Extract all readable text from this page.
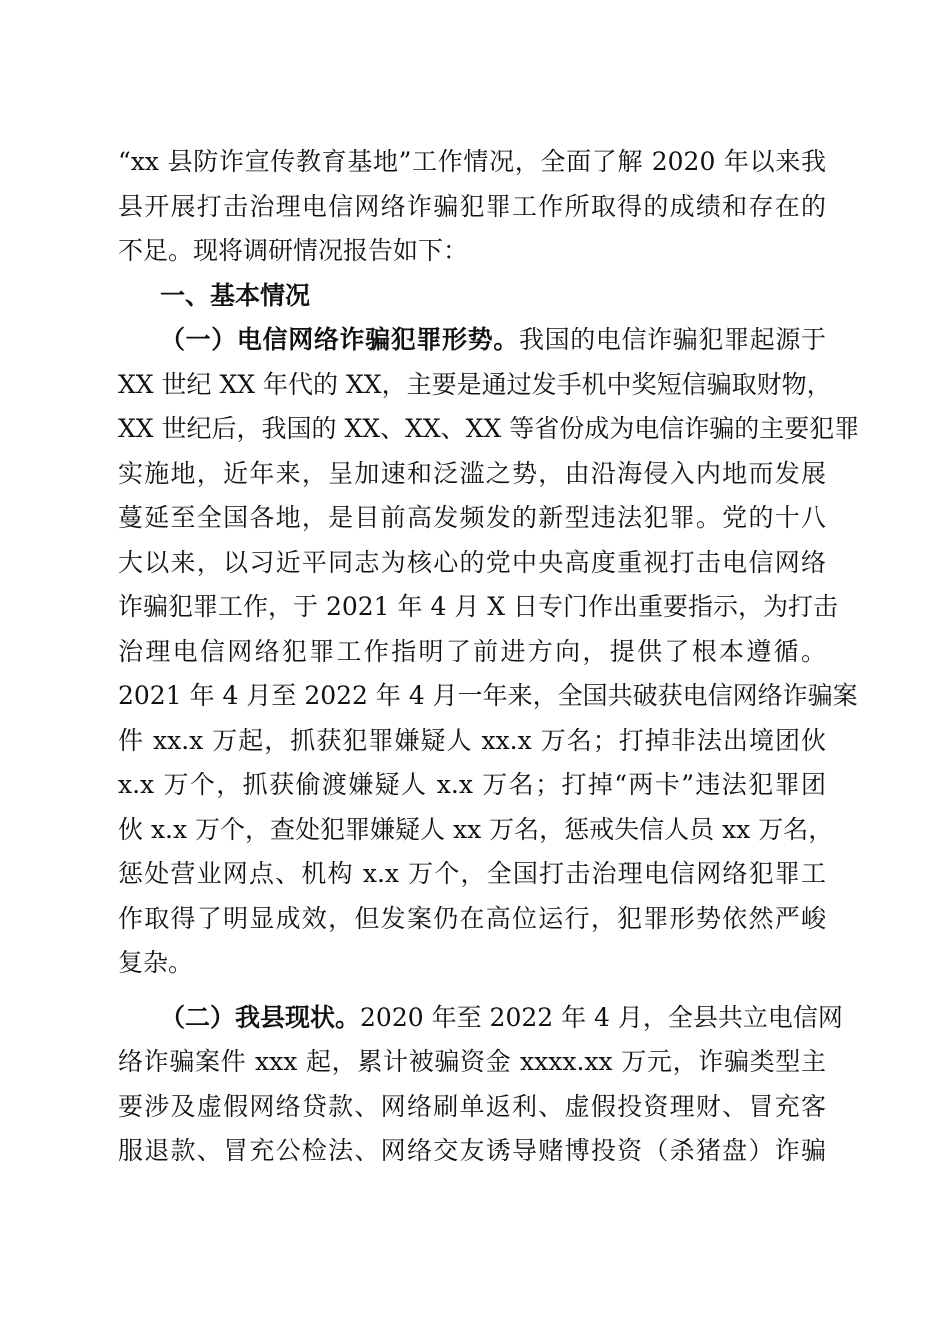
“xx 县防诈宣传教育基地”工作情况，全面了解 2020 年以来我
县开展打击治理电信网络诈骗犯罪工作所取得的成绩和存在的
不足。现将调研情况报告如下：
一、基本情况
（一）电信网络诈骗犯罪形势。我国的电信诈骗犯罪起源于
XX 世纪 XX 年代的 XX，主要是通过发手机中奖短信骗取财物，
XX 世纪后，我国的 XX、XX、XX 等省份成为电信诈骗的主要犯罪
实施地，近年来，呈加速和泛滥之势，由沿海侵入内地而发展
蔓延至全国各地，是目前高发频发的新型违法犯罪。党的十八
大以来，以习近平同志为核心的党中央高度重视打击电信网络
诈骗犯罪工作，于 2021 年 4 月 X 日专门作出重要指示，为打击
治理电信网络犯罪工作指明了前进方向，提供了根本遵循。
2021 年 4 月至 2022 年 4 月一年来，全国共破获电信网络诈骗案
件 xx.x 万起，抓获犯罪嫌疑人 xx.x 万名；打掉非法出境团伙
x.x 万个，抓获偷渡嫌疑人 x.x 万名；打掉“两卡”违法犯罪团
伙 x.x 万个，查处犯罪嫌疑人 xx 万名，惩戒失信人员 xx 万名，
惩处营业网点、机构 x.x 万个，全国打击治理电信网络犯罪工
作取得了明显成效，但发案仍在高位运行，犯罪形势依然严峻
复杂。
（二）我县现状。2020 年至 2022 年 4 月，全县共立电信网
络诈骗案件 xxx 起，累计被骗资金 xxxx.xx 万元，诈骗类型主
要涉及虚假网络贷款、网络刷单返利、虚假投资理财、冒充客
服退款、冒充公检法、网络交友诱导赌博投资（杀猪盘）诈骗
